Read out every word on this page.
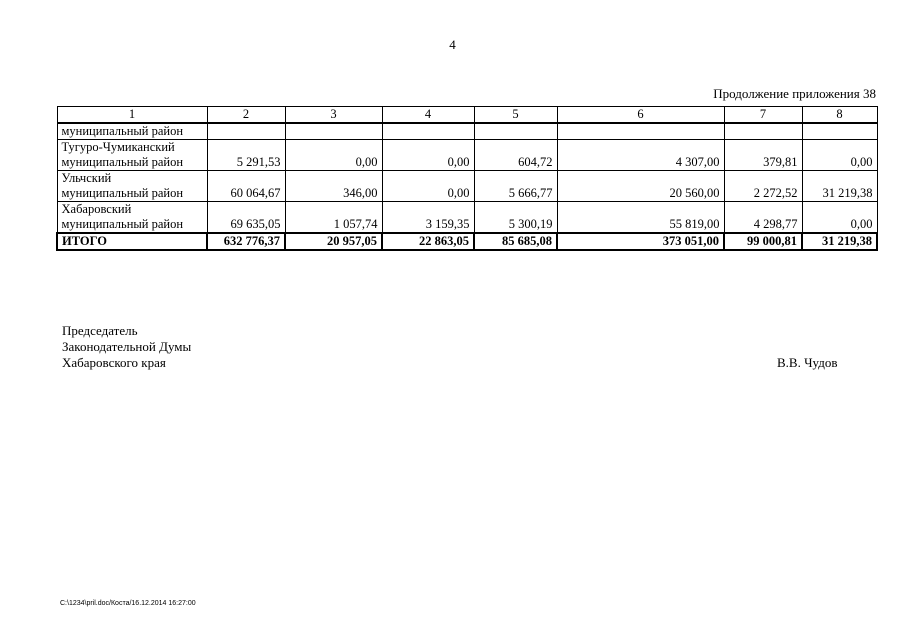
4
Продолжение приложения 38
1	2	3	4	5	6	7	8

муниципальный район							

Тугуро-Чумиканский
муниципальный район	5 291,53	0,00	0,00	604,72	4 307,00	379,81	0,00

Ульчский
муниципальный район	60 064,67	346,00	0,00	5 666,77	20 560,00	2 272,52	31 219,38

Хабаровский
муниципальный район	69 635,05	1 057,74	3 159,35	5 300,19	55 819,00	4 298,77	0,00
ИТОГО	632 776,37	20 957,05	22 863,05	85 685,08	373 051,00	99 000,81	31 219,38
Председатель
Законодательной Думы
Хабаровского края	В.В. Чудов
C:\1234\pril.doc/Коста/16.12.2014 16:27:00
